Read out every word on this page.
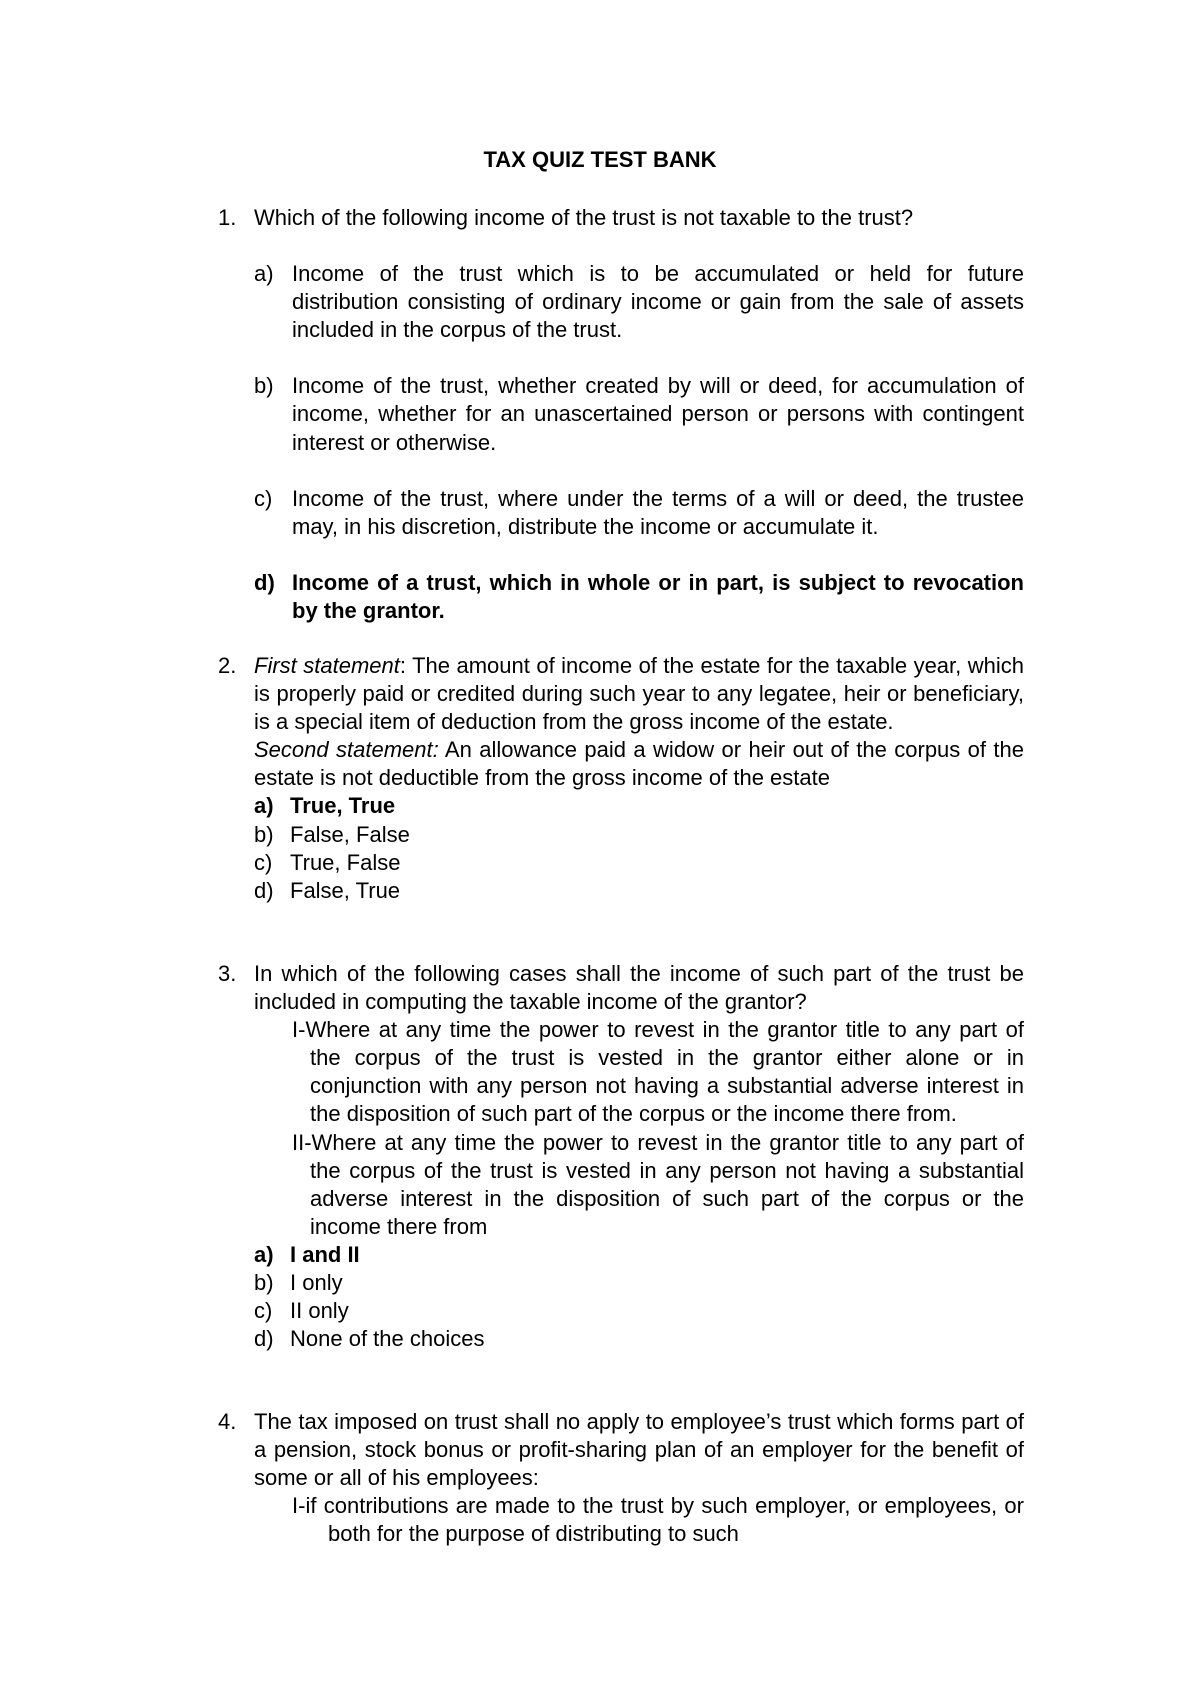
TAX QUIZ TEST BANK
1. Which of the following income of the trust is not taxable to the trust?
a) Income of the trust which is to be accumulated or held for future distribution consisting of ordinary income or gain from the sale of assets included in the corpus of the trust.
b) Income of the trust, whether created by will or deed, for accumulation of income, whether for an unascertained person or persons with contingent interest or otherwise.
c) Income of the trust, where under the terms of a will or deed, the trustee may, in his discretion, distribute the income or accumulate it.
d) Income of a trust, which in whole or in part, is subject to revocation by the grantor.
2. First statement: The amount of income of the estate for the taxable year, which is properly paid or credited during such year to any legatee, heir or beneficiary, is a special item of deduction from the gross income of the estate.
Second statement: An allowance paid a widow or heir out of the corpus of the estate is not deductible from the gross income of the estate
a) True, True
b) False, False
c) True, False
d) False, True
3. In which of the following cases shall the income of such part of the trust be included in computing the taxable income of the grantor?
I-Where at any time the power to revest in the grantor title to any part of the corpus of the trust is vested in the grantor either alone or in conjunction with any person not having a substantial adverse interest in the disposition of such part of the corpus or the income there from.
II-Where at any time the power to revest in the grantor title to any part of the corpus of the trust is vested in any person not having a substantial adverse interest in the disposition of such part of the corpus or the income there from
a) I and II
b) I only
c) II only
d) None of the choices
4. The tax imposed on trust shall no apply to employee’s trust which forms part of a pension, stock bonus or profit-sharing plan of an employer for the benefit of some or all of his employees:
I-if contributions are made to the trust by such employer, or employees, or both for the purpose of distributing to such
